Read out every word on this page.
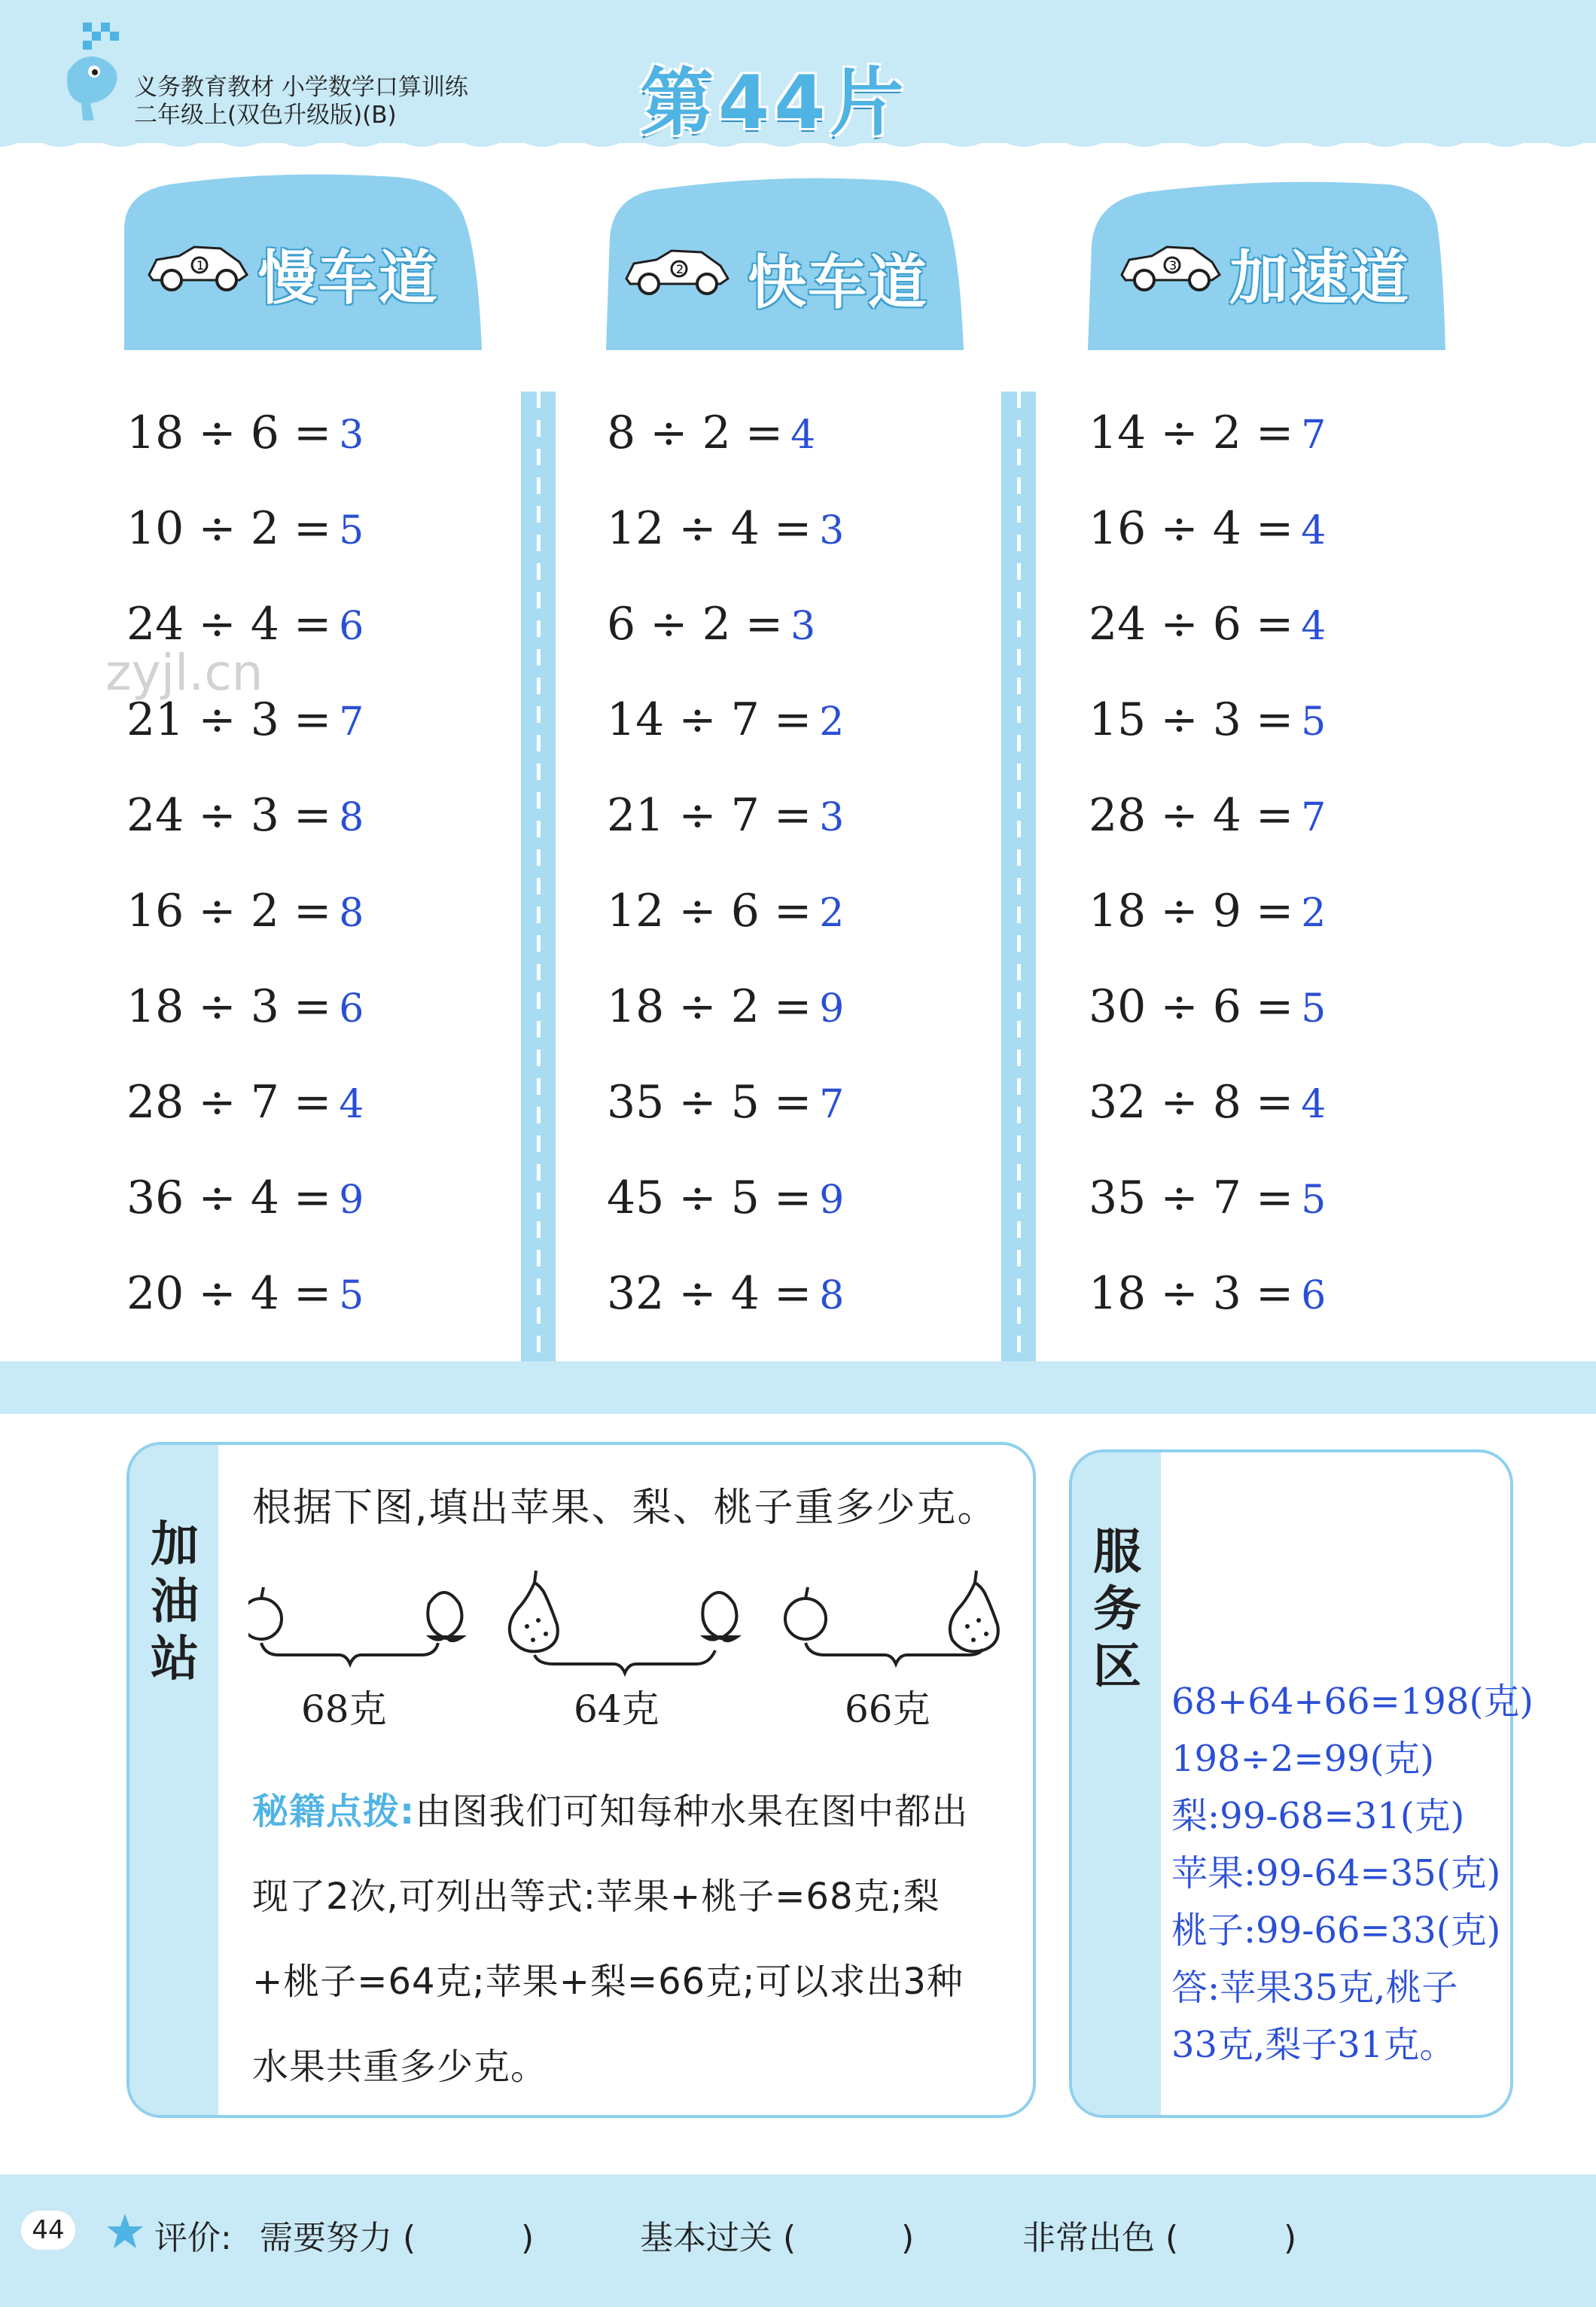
义务教育教材 小学数学口算训练
二年级上(双色升级版)(B)	第44片
1 慢车道	2 快车道	3 加速道
18 ÷ 6 = 3
10 ÷ 2 = 5
24 ÷ 4 = 6
21 ÷ 3 = 7
24 ÷ 3 = 8
16 ÷ 2 = 8
18 ÷ 3 = 6
28 ÷ 7 = 4
36 ÷ 4 = 9
20 ÷ 4 = 5
8 ÷ 2 = 4
12 ÷ 4 = 3
6 ÷ 2 = 3
14 ÷ 7 = 2
21 ÷ 7 = 3
12 ÷ 6 = 2
18 ÷ 2 = 9
35 ÷ 5 = 7
45 ÷ 5 = 9
32 ÷ 4 = 8
14 ÷ 2 = 7
16 ÷ 4 = 4
24 ÷ 6 = 4
15 ÷ 3 = 5
28 ÷ 4 = 7
18 ÷ 9 = 2
30 ÷ 6 = 5
32 ÷ 8 = 4
35 ÷ 7 = 5
18 ÷ 3 = 6
zyjl.cn
加
油
站
根据下图,填出苹果、梨、桃子重多少克。
68克	64克	66克
秘籍点拨:由图我们可知每种水果在图中都出现了2次,可列出等式:苹果+桃子=68克;梨+桃子=64克;苹果+梨=66克;可以求出3种水果共重多少克。
服
务
区
68+64+66=198(克)
198÷2=99(克)
梨:99-68=31(克)
苹果:99-64=35(克)
桃子:99-66=33(克)
答:苹果35克,桃子
33克,梨子31克。
44	评价: 需要努力 (          )	基本过关 (          )	非常出色 (          )
